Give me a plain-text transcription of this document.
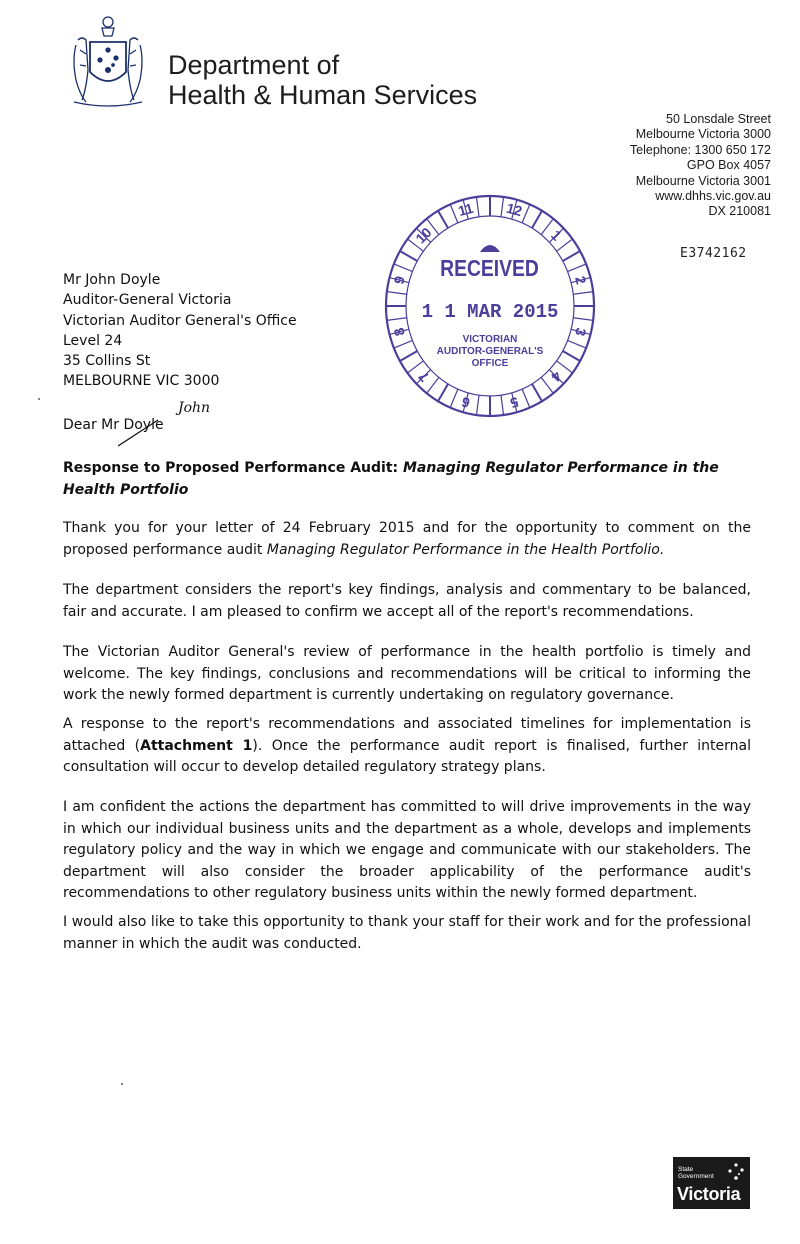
Department of
Health & Human Services
50 Lonsdale Street
Melbourne Victoria 3000
Telephone: 1300 650 172
GPO Box 4057
Melbourne Victoria 3001
www.dhhs.vic.gov.au
DX 210081
E3742162
12
1
2
3
4
5
6
7
8
9
10
11
RECEIVED
1 1 MAR 2015
VICTORIAN
AUDITOR-GENERAL'S
OFFICE
Mr John Doyle
Auditor-General Victoria
Victorian Auditor General's Office
Level 24
35 Collins St
MELBOURNE VIC 3000
Dear Mr Doyle
John
Response to Proposed Performance Audit: Managing Regulator Performance in the Health Portfolio

Thank you for your letter of 24 February 2015 and for the opportunity to comment on the proposed performance audit Managing Regulator Performance in the Health Portfolio.

The department considers the report's key findings, analysis and commentary to be balanced, fair and accurate. I am pleased to confirm we accept all of the report's recommendations.

The Victorian Auditor General's review of performance in the health portfolio is timely and welcome. The key findings, conclusions and recommendations will be critical to informing the work the newly formed department is currently undertaking on regulatory governance.

A response to the report's recommendations and associated timelines for implementation is attached (Attachment 1). Once the performance audit report is finalised, further internal consultation will occur to develop detailed regulatory strategy plans.

I am confident the actions the department has committed to will drive improvements in the way in which our individual business units and the department as a whole, develops and implements regulatory policy and the way in which we engage and communicate with our stakeholders. The department will also consider the broader applicability of the performance audit's recommendations to other regulatory business units within the newly formed department.

I would also like to take this opportunity to thank your staff for their work and for the professional manner in which the audit was conducted.

State
Government
Victoria
